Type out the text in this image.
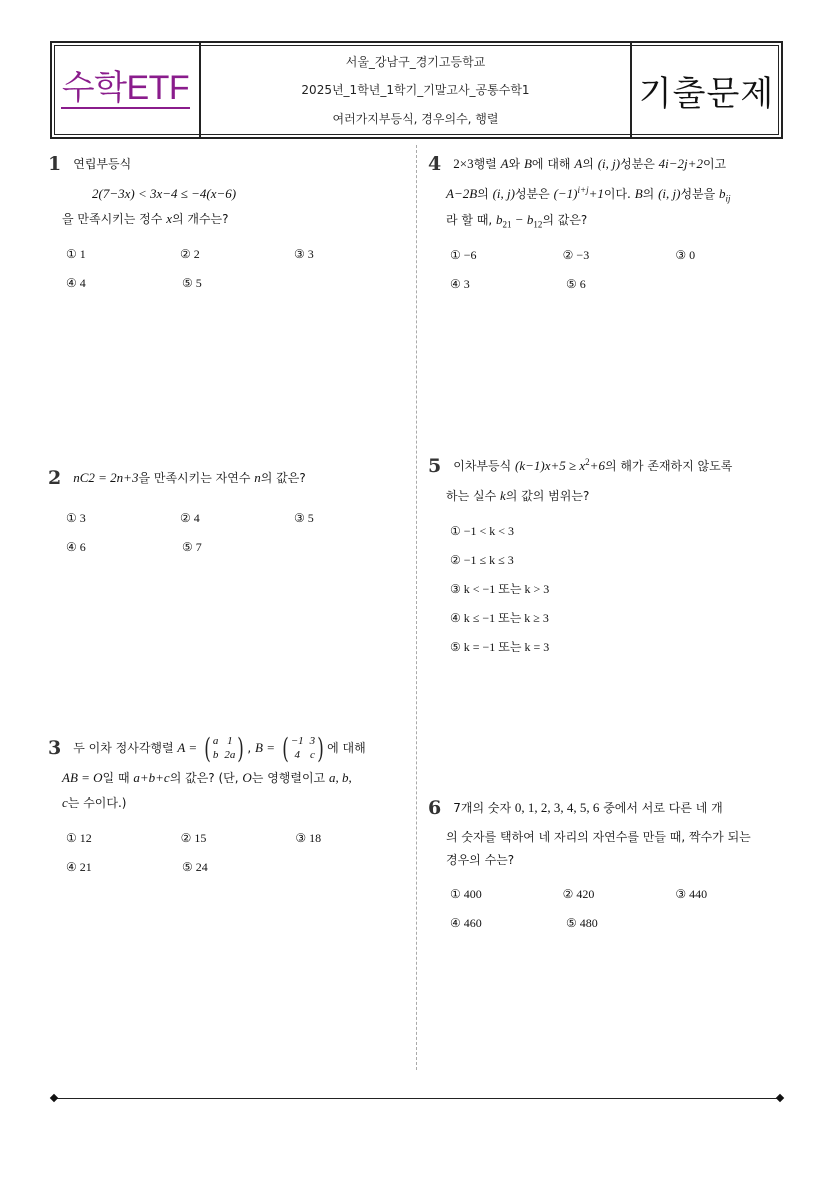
수학ETF
서울_강남구_경기고등학교
2025년_1학년_1학기_기말고사_공통수학1
여러가지부등식, 경우의수, 행렬
기출문제
1 연립부등식
2(7−3x) < 3x−4 ≤ −4(x−6)
을 만족시키는 정수 x의 개수는?
① 1	② 2	③ 3
④ 4	⑤ 5
2 nC2 = 2n+3을 만족시키는 자연수 n의 값은?
① 3	② 4	③ 5
④ 6	⑤ 7
3 두 이차 정사각행렬 A = ( a 1
b 2a ) , B = ( −1 3
4 c ) 에 대해
AB = O일 때 a+b+c의 값은? (단, O는 영행렬이고 a, b,
c는 수이다.)
① 12	② 15	③ 18
④ 21	⑤ 24
4 2×3행렬 A와 B에 대해 A의 (i, j)성분은 4i−2j+2이고
A−2B의 (i, j)성분은 $(-1)^{i+j}+1$이다. B의 (i, j)성분을 $b_{ij}$
라 할 때, $b_{21} - b_{12}$의 값은?
① −6	② −3	③ 0
④ 3	⑤ 6
5 이차부등식 $(k-1)x+5 \ge x^2+6$의 해가 존재하지 않도록
하는 실수 k의 값의 범위는?
① −1 < k < 3
② −1 ≤ k ≤ 3
③ k < −1 또는 k > 3
④ k ≤ −1 또는 k ≥ 3
⑤ k = −1 또는 k = 3
6 7개의 숫자 0, 1, 2, 3, 4, 5, 6 중에서 서로 다른 네 개
의 숫자를 택하여 네 자리의 자연수를 만들 때, 짝수가 되는
경우의 수는?
① 400	② 420	③ 440
④ 460	⑤ 480
